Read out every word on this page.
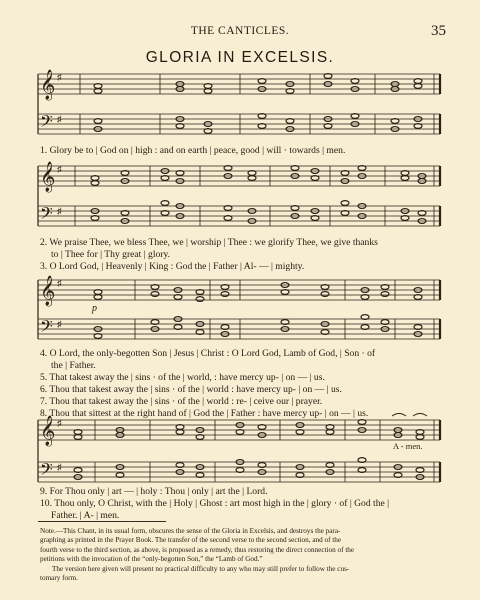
THE CANTICLES.	35
GLORIA IN EXCELSIS.
𝄞
𝄢
♯
♯
1. Glory be to | God on | high : and on earth | peace, good | will · towards | men.
𝄞
𝄢
♯
♯
2. We praise Thee, we bless Thee, we | worship | Thee : we glorify Thee, we give thanks
to | Thee for | Thy great | glory.
3. O Lord God, | Heavenly | King : God the | Father | Al- — | mighty.
𝄞
𝄢
♯
♯
p
4. O Lord, the only-begotten Son | Jesus | Christ : O Lord God, Lamb of God, | Son · of
the | Father.
5. That takest away the | sins · of the | world, : have mercy up- | on — | us.
6. Thou that takest away the | sins · of the | world : have mercy up- | on — | us.
7. Thou that takest away the | sins · of the | world : re- | ceive our | prayer.
8. Thou that sittest at the right hand of | God the | Father : have mercy up- | on — | us.
𝄞
𝄢
♯
♯
A - men.
9. For Thou only | art — | holy : Thou | only | art the | Lord.
10. Thou only, O Christ, with the | Holy | Ghost : art most high in the | glory · of | God the |
Father. | A- | men.
Note.—This Chant, in its usual form, obscures the sense of the Gloria in Excelsis, and destroys the para-
graphing as printed in the Prayer Book. The transfer of the second verse to the second section, and of the
fourth verse to the third section, as above, is proposed as a remedy, thus restoring the direct connection of the
petitions with the invocation of the “only-begotten Son,” the “Lamb of God.”
The version here given will present no practical difficulty to any who may still prefer to follow the cus-
tomary form.
